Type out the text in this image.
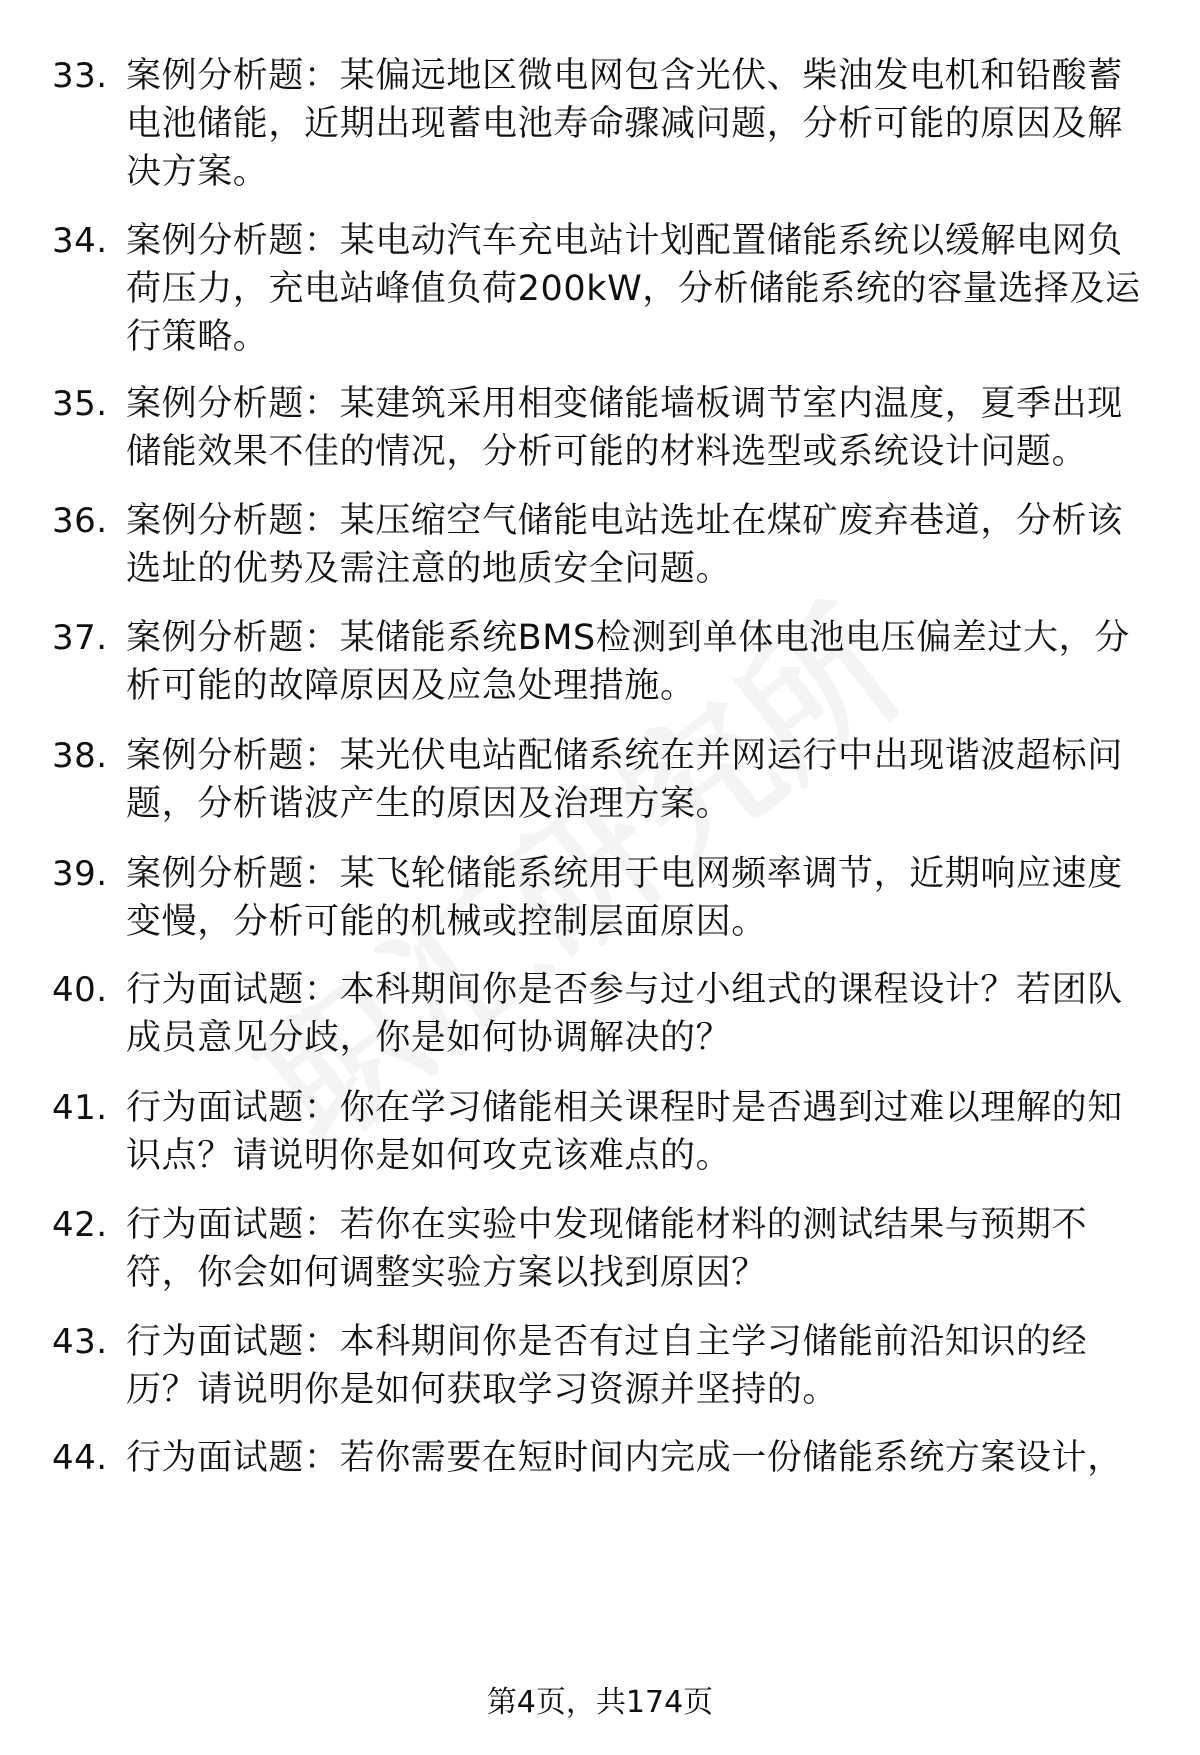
33. 案例分析题：某偏远地区微电网包含光伏、柴油发电机和铅酸蓄
电池储能，近期出现蓄电池寿命骤减问题，分析可能的原因及解
决方案。
34. 案例分析题：某电动汽车充电站计划配置储能系统以缓解电网负
荷压力，充电站峰值负荷200kW，分析储能系统的容量选择及运
行策略。
35. 案例分析题：某建筑采用相变储能墙板调节室内温度，夏季出现
储能效果不佳的情况，分析可能的材料选型或系统设计问题。
36. 案例分析题：某压缩空气储能电站选址在煤矿废弃巷道，分析该
选址的优势及需注意的地质安全问题。
37. 案例分析题：某储能系统BMS检测到单体电池电压偏差过大，分
析可能的故障原因及应急处理措施。
38. 案例分析题：某光伏电站配储系统在并网运行中出现谐波超标问
题，分析谐波产生的原因及治理方案。
39. 案例分析题：某飞轮储能系统用于电网频率调节，近期响应速度
变慢，分析可能的机械或控制层面原因。
40. 行为面试题：本科期间你是否参与过小组式的课程设计？若团队
成员意见分歧，你是如何协调解决的？
41. 行为面试题：你在学习储能相关课程时是否遇到过难以理解的知
识点？请说明你是如何攻克该难点的。
42. 行为面试题：若你在实验中发现储能材料的测试结果与预期不
符，你会如何调整实验方案以找到原因？
43. 行为面试题：本科期间你是否有过自主学习储能前沿知识的经
历？请说明你是如何获取学习资源并坚持的。
44. 行为面试题：若你需要在短时间内完成一份储能系统方案设计，
第4页，共174页
